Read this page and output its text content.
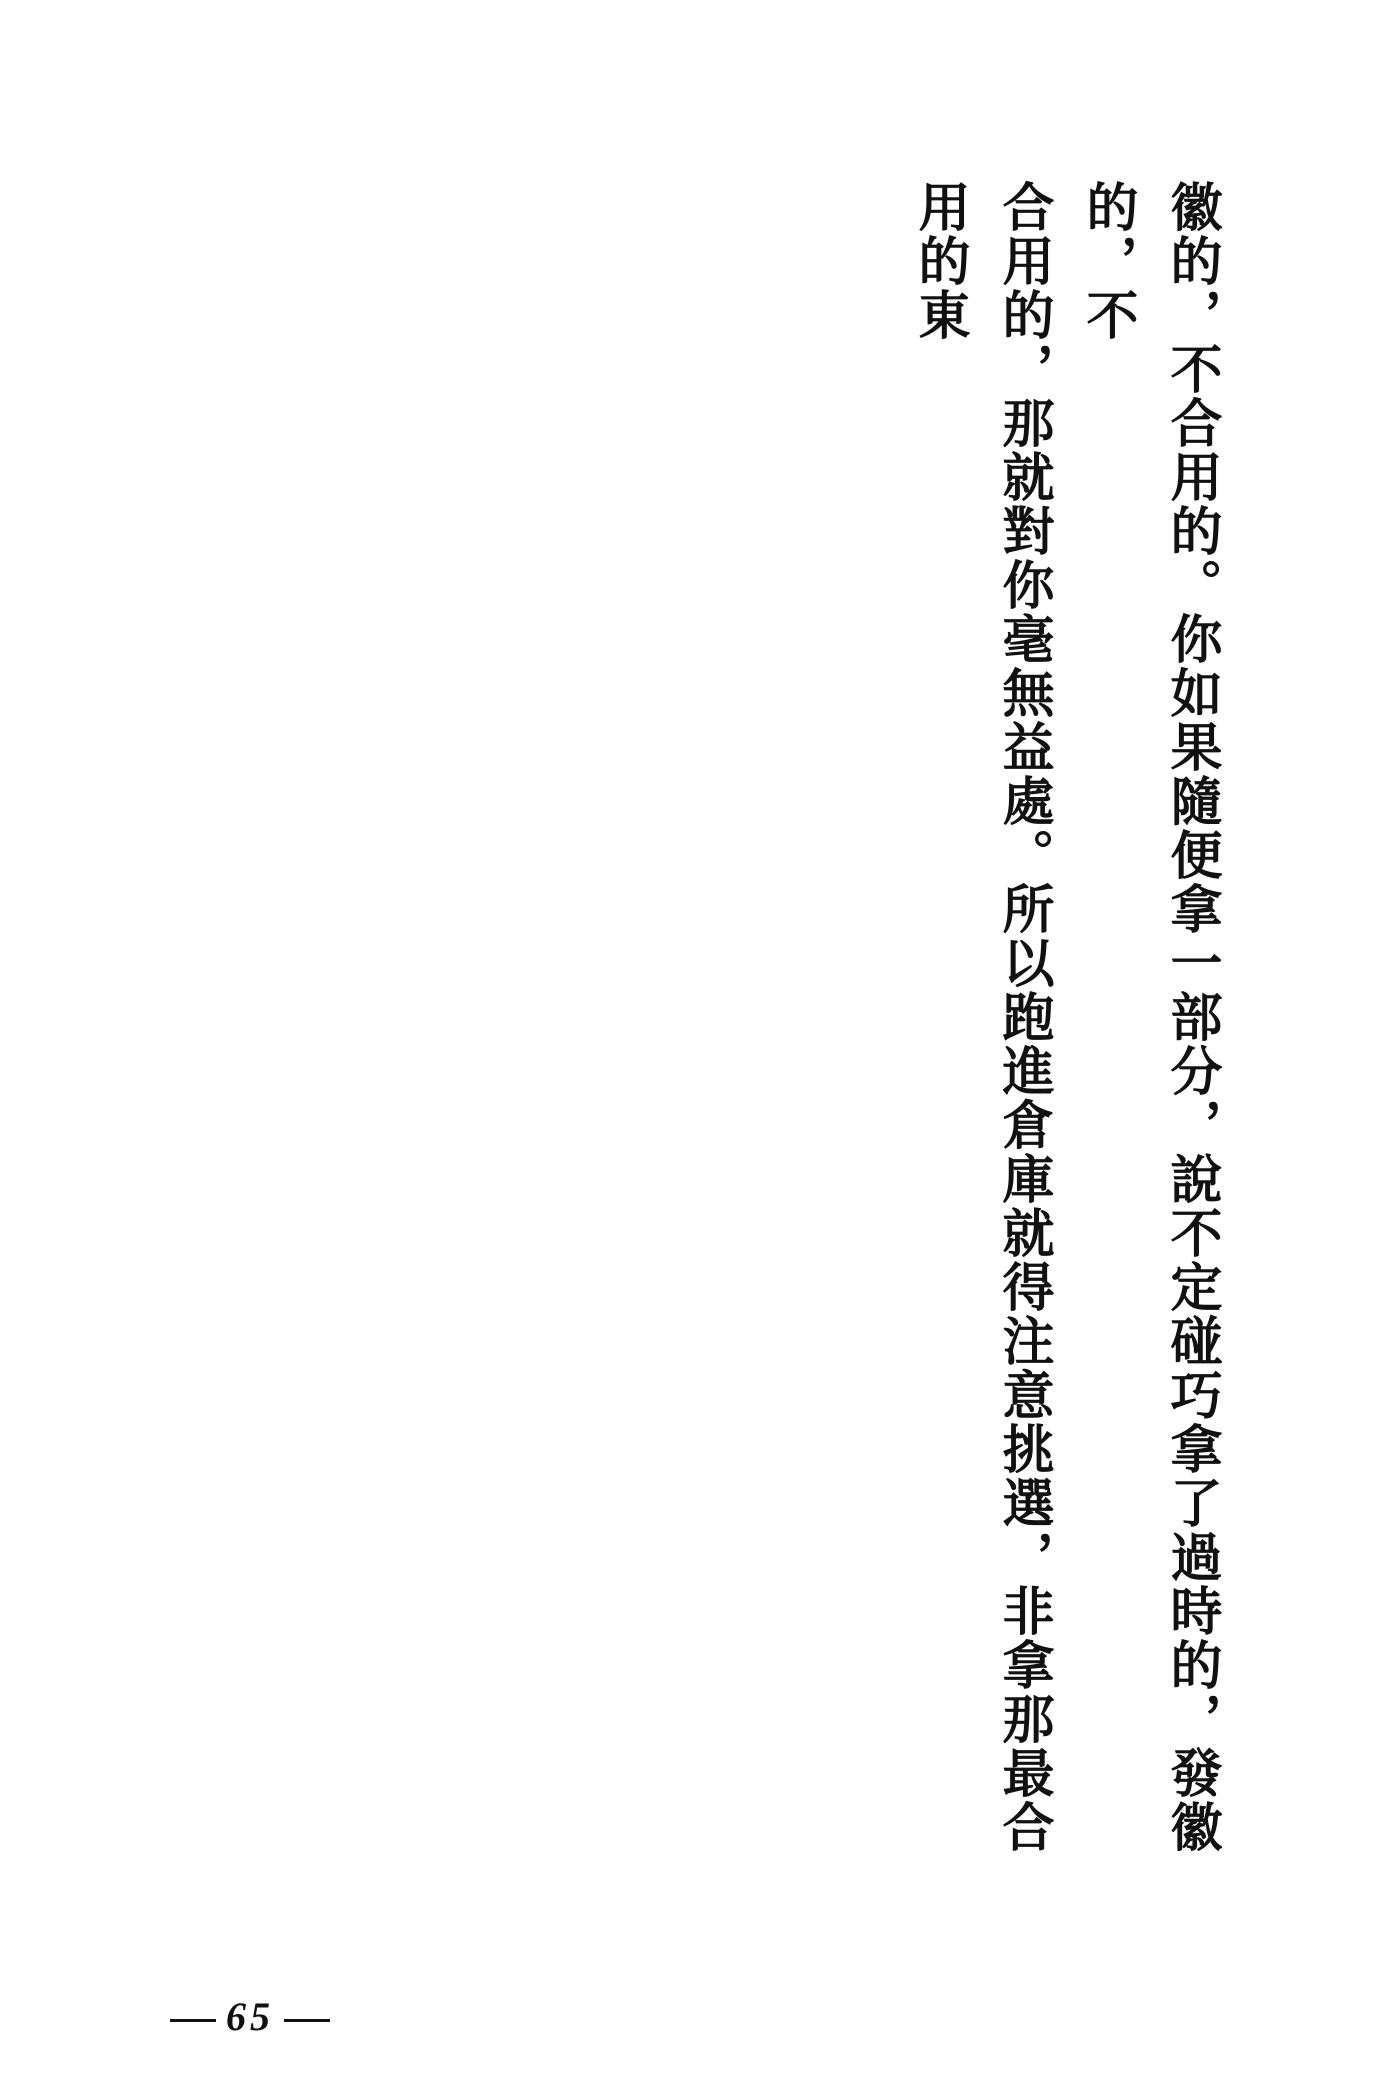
徽的，不合用的。你如果隨便拿一部分，說不定碰巧拿了過時的，發徽的，不
合用的，那就對你毫無益處。所以跑進倉庫就得注意挑選，非拿那最合用的東
65
